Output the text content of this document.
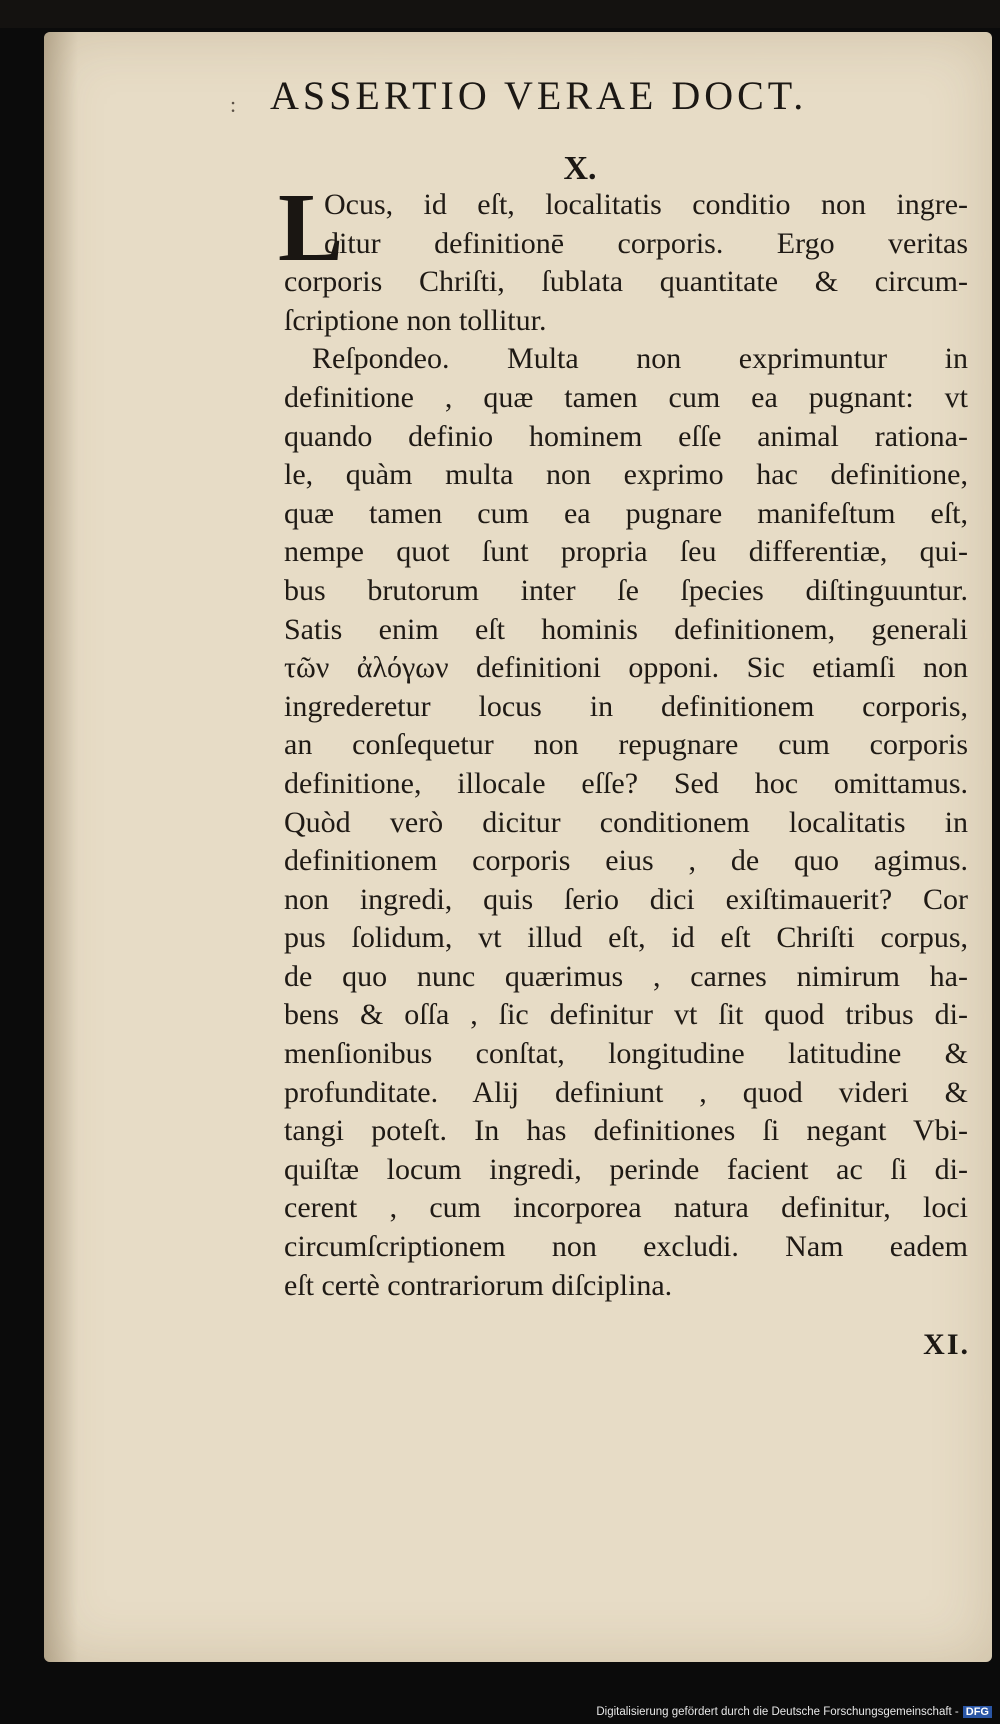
: ASSERTIO VERAE DOCT.
X.
L
Ocus, id eſt, localitatis conditio non ingre-
ditur definitionē corporis. Ergo veritas
corporis Chriſti, ſublata quantitate & circum-
ſcriptione non tollitur.
Reſpondeo. Multa non exprimuntur in
definitione , quæ tamen cum ea pugnant: vt
quando definio hominem eſſe animal rationa-
le, quàm multa non exprimo hac definitione,
quæ tamen cum ea pugnare manifeſtum eſt,
nempe quot ſunt propria ſeu differentiæ, qui-
bus brutorum inter ſe ſpecies diſtinguuntur.
Satis enim eſt hominis definitionem, generali
τῶν ἀλόγων definitioni opponi. Sic etiamſi non
ingrederetur locus in definitionem corporis,
an conſequetur non repugnare cum corporis
definitione, illocale eſſe? Sed hoc omittamus.
Quòd verò dicitur conditionem localitatis in
definitionem corporis eius , de quo agimus.
non ingredi, quis ſerio dici exiſtimauerit? Cor
pus ſolidum, vt illud eſt, id eſt Chriſti corpus,
de quo nunc quærimus , carnes nimirum ha-
bens & oſſa , ſic definitur vt ſit quod tribus di-
menſionibus conſtat, longitudine latitudine &
profunditate. Alij definiunt , quod videri &
tangi poteſt. In has definitiones ſi negant Vbi-
quiſtæ locum ingredi, perinde facient ac ſi di-
cerent , cum incorporea natura definitur, loci
circumſcriptionem non excludi. Nam eadem
eſt certè contrariorum diſciplina.
XI.
Digitalisierung gefördert durch die Deutsche Forschungsgemeinschaft - DFG
